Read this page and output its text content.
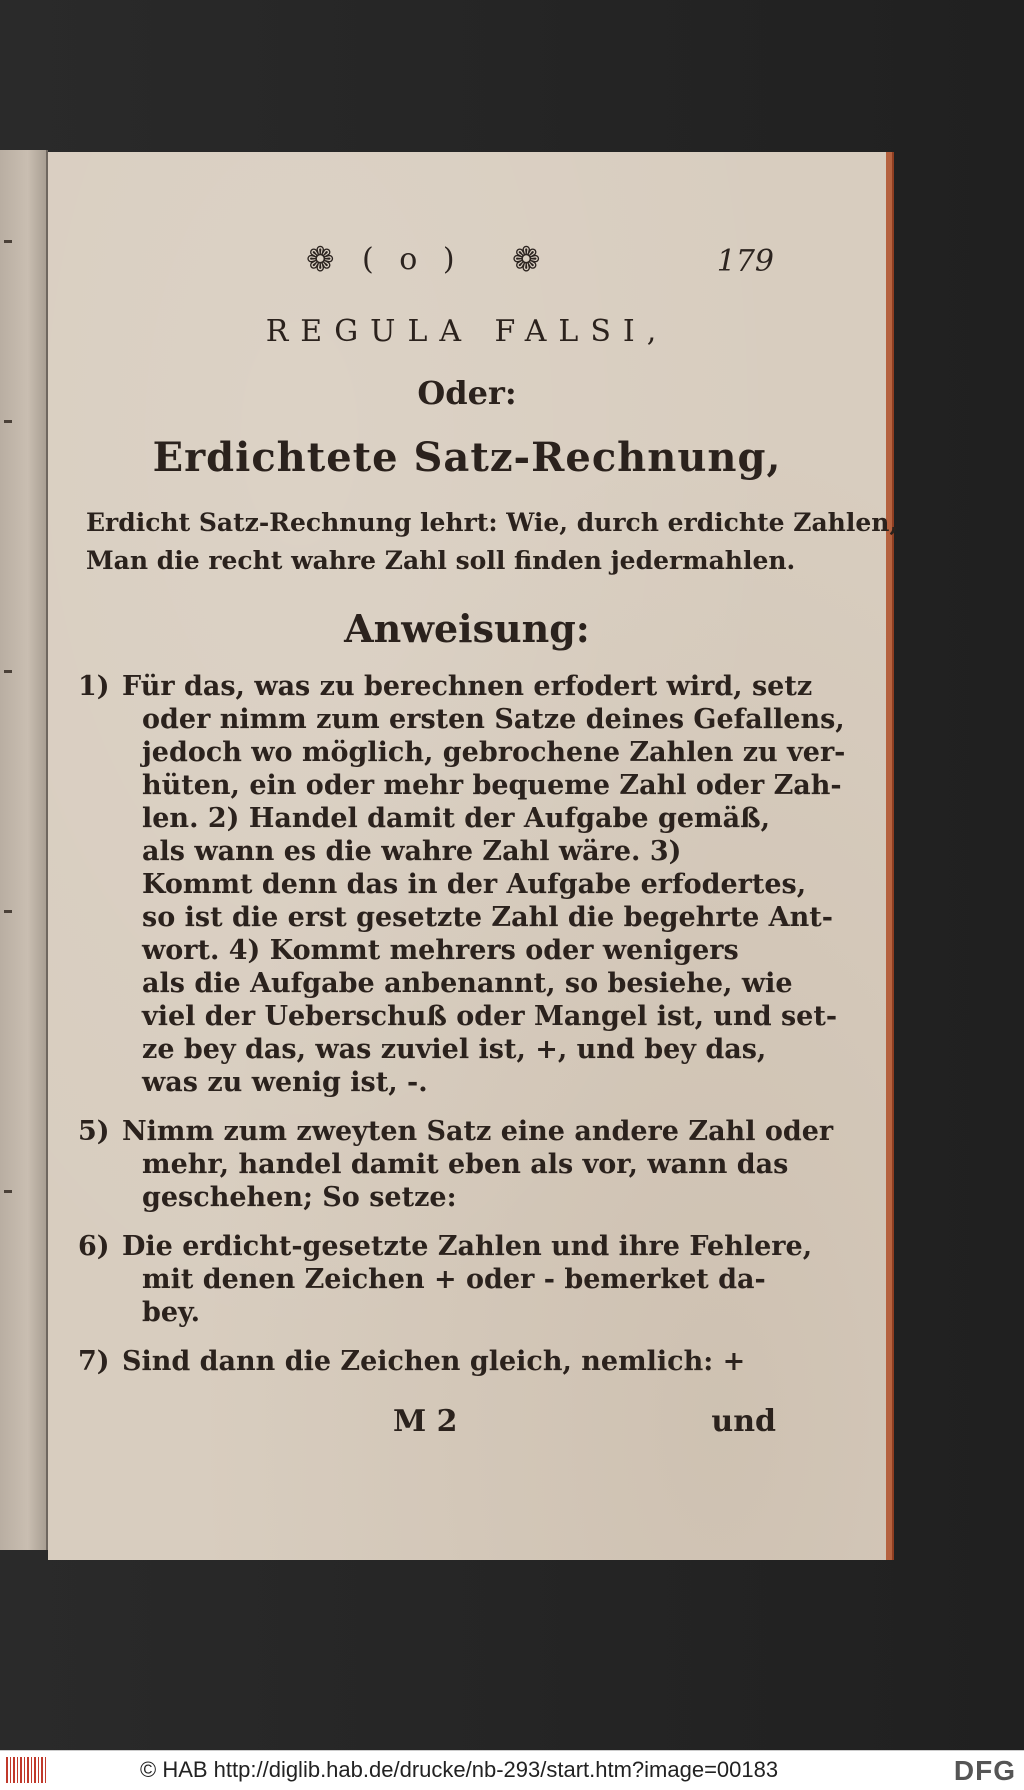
❁ ( o ) ❁	179
REGULA FALSI,
Oder:
Erdichtete Satz-Rechnung,
Erdicht Satz-Rechnung lehrt: Wie, durch erdichte Zahlen,
Man die recht wahre Zahl soll finden jedermahlen.
Anweisung:
1) Für das, was zu berechnen erfodert wird, setz
oder nimm zum ersten Satze deines Gefallens,
jedoch wo möglich, gebrochene Zahlen zu ver-
hüten, ein oder mehr bequeme Zahl oder Zah-
len. 2) Handel damit der Aufgabe gemäß,
als wann es die wahre Zahl wäre. 3)
Kommt denn das in der Aufgabe erfodertes,
so ist die erst gesetzte Zahl die begehrte Ant-
wort. 4) Kommt mehrers oder wenigers
als die Aufgabe anbenannt, so besiehe, wie
viel der Ueberschuß oder Mangel ist, und set-
ze bey das, was zuviel ist, +, und bey das,
was zu wenig ist, -.
5) Nimm zum zweyten Satz eine andere Zahl oder
mehr, handel damit eben als vor, wann das
geschehen; So setze:
6) Die erdicht-gesetzte Zahlen und ihre Fehlere,
mit denen Zeichen + oder - bemerket da-
bey.
7) Sind dann die Zeichen gleich, nemlich: +
M 2	und
© HAB http://diglib.hab.de/drucke/nb-293/start.htm?image=00183	DFG
